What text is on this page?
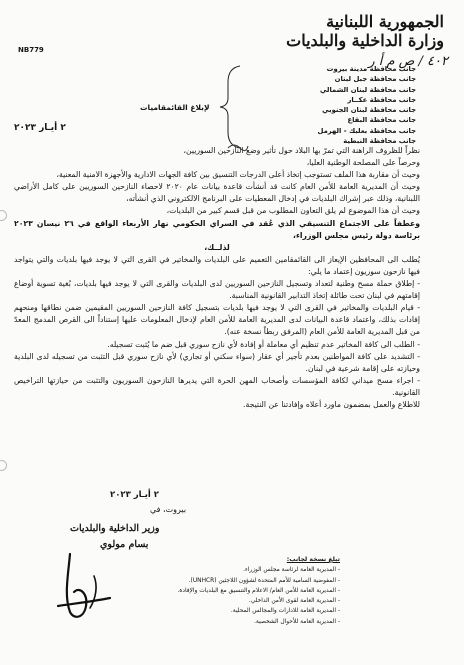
الجمهورية اللبنانية
وزارة الداخلية والبلديات
٤٠٢ / ص م أ ر
NB779
جانب محافظة مدينة بيروت
جانب محافظة جبل لبنان
جانب محافظة لبنان الشمالي
جانب محافظة عكــار
جانب محافظة لبنان الجنوبي
جانب محافظة البقاع
جانب محافظة بعلبك - الهرمل
جانب محافظة النبطية
لإبلاغ القائمقاميات
٢ أيـار ٢٠٢٣

نظراً للظروف الراهنة التي تمرّ بها البلاد حول تأثير وضع النازحين السوريين،

وحرصاً على المصلحة الوطنية العليا،

وحيث أن مقاربة هذا الملف تستوجب إتخاذ أعلى الدرجات التنسيق بين كافة الجهات الادارية والأجهزة الامنية المعنية،

وحيث أن المديرية العامة للأمن العام كانت قد أنشأت قاعدة بيانات عام ٢٠٢٠ لاحصاء النازحين السوريين على كامل الأراضي اللبنانية، وذلك عبر إشراك البلديات في إدخال المعطيات على البرنامج الالكتروني الذي أنشأته،

وحيث أن هذا الموضوع لم يلق التعاون المطلوب من قبل قسم كبير من البلديات،

وعطفاً على الاجتماع التنسيقي الذي عُقد في السراي الحكومي نهار الأربعاء الواقع في ٢٦ نيسان ٢٠٢٣ برئاسة دولة رئيس مجلس الوزراء،

لذلــك،

يُطلب الى المحافظين الإيعاز الى القائمقامين التعميم على البلديات والمخاتير في القرى التي لا يوجد فيها بلديات والتي يتواجد فيها نازحون سوريون إعتماد ما يلي:

- إطلاق حملة مسح وطنية لتعداد وتسجيل النازحين السوريين لدى البلديات والقرى التي لا يوجد فيها بلديات، بُغية تسوية أوضاع إقامتهم في لبنان تحت طائلة إتخاذ التدابير القانونية المناسبة.

- قيام البلديات والمخاتير في القرى التي لا يوجد فيها بلديات بتسجيل كافة النازحين السوريين المقيمين ضمن نطاقها ومنحهم إفادات بذلك، واعتماد قاعدة البيانات لدى المديرية العامة للأمن العام لإدخال المعلومات عليها إستناداً الى القرص المدمج المعدّ من قبل المديرية العامة للأمن العام (المرفق ربطاً نسخة عنه).

- الطلب الى كافة المخاتير عدم تنظيم أي معاملة أو إفادة لأي نازح سوري قبل ضم ما يُثبت تسجيله.

- التشديد على كافة المواطنين بعدم تأجير أي عقار (سواء سكني أو تجاري) لأي نازح سوري قبل التثبت من تسجيله لدى البلدية وحيازته على إقامة شرعية في لبنان.

- اجراء مسح ميداني لكافة المؤسسات وأصحاب المهن الحرة التي يديرها النازحون السوريون والتثبت من حيازتها التراخيص القانونية.

للاطلاع والعمل بمضمون ماورد أعلاه وإفادتنا عن النتيجة.

٢ أيـار ٢٠٢٣
بيروت، في
وزير الداخلية والبلديات
بسام مولوي
تبلغ نسخة لجانب:
- المديرية العامة لرئاسة مجلس الوزراء.
- المفوضية السامية للأمم المتحدة لشؤون اللاجئين (UNHCR).
- المديرية العامة للأمن العام/ الاعلام والتنسيق مع البلديات والإفادة.
- المديرية العامة لقوى الأمن الداخلي.
- المديرية العامة للادارات والمجالس المحلية.
- المديرية العامة للأحوال الشخصية.
